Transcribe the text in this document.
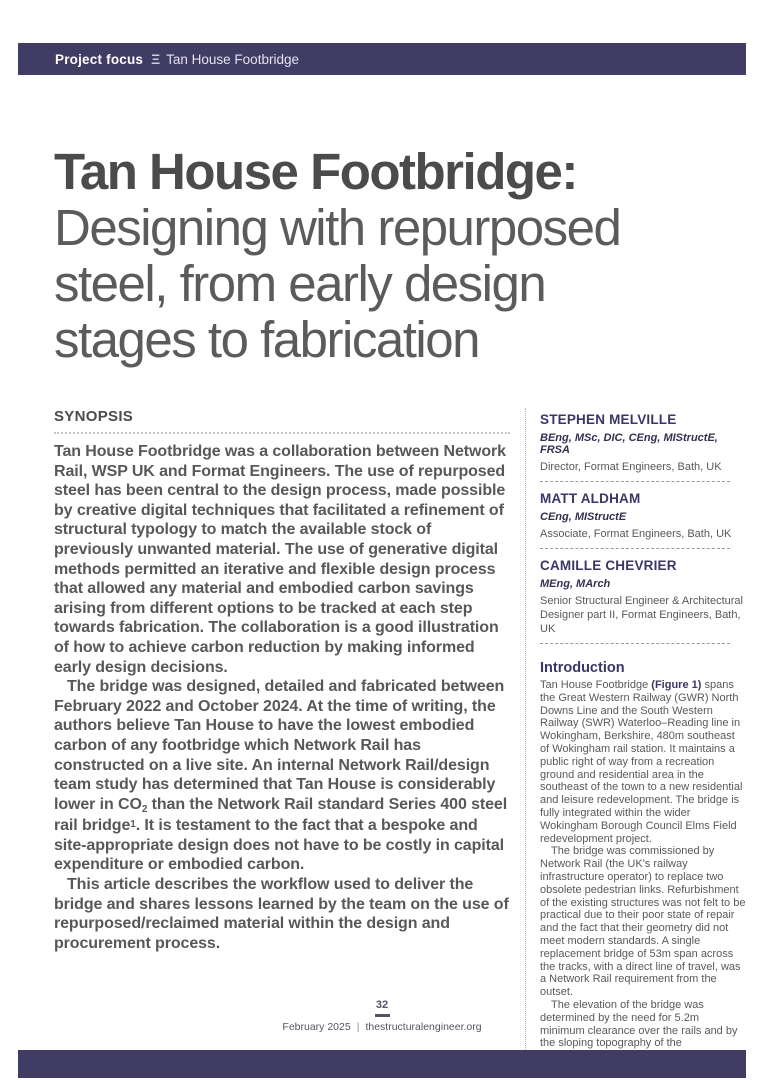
Project focus Ξ Tan House Footbridge
Tan House Footbridge:
Designing with repurposed
steel, from early design
stages to fabrication
SYNOPSIS

Tan House Footbridge was a collaboration between Network Rail, WSP UK and Format Engineers. The use of repurposed steel has been central to the design process, made possible by creative digital techniques that facilitated a refinement of structural typology to match the available stock of previously unwanted material. The use of generative digital methods permitted an iterative and flexible design process that allowed any material and embodied carbon savings arising from different options to be tracked at each step towards fabrication. The collaboration is a good illustration of how to achieve carbon reduction by making informed early design decisions.

The bridge was designed, detailed and fabricated between February 2022 and October 2024. At the time of writing, the authors believe Tan House to have the lowest embodied carbon of any footbridge which Network Rail has constructed on a live site. An internal Network Rail/design team study has determined that Tan House is considerably lower in $CO_2$ than the Network Rail standard Series 400 steel rail bridge$^1$. It is testament to the fact that a bespoke and site-appropriate design does not have to be costly in capital expenditure or embodied carbon.

This article describes the workflow used to deliver the bridge and shares lessons learned by the team on the use of repurposed/reclaimed material within the design and procurement process.

STEPHEN MELVILLE
BEng, MSc, DIC, CEng, MIStructE, FRSA
Director, Format Engineers, Bath, UK
MATT ALDHAM
CEng, MIStructE
Associate, Format Engineers, Bath, UK
CAMILLE CHEVRIER
MEng, MArch
Senior Structural Engineer & Architectural Designer part II, Format Engineers, Bath, UK
Introduction

Tan House Footbridge (Figure 1) spans the Great Western Railway (GWR) North Downs Line and the South Western Railway (SWR) Waterloo–Reading line in Wokingham, Berkshire, 480m southeast of Wokingham rail station. It maintains a public right of way from a recreation ground and residential area in the southeast of the town to a new residential and leisure redevelopment. The bridge is fully integrated within the wider Wokingham Borough Council Elms Field redevelopment project.

The bridge was commissioned by Network Rail (the UK's railway infrastructure operator) to replace two obsolete pedestrian links. Refurbishment of the existing structures was not felt to be practical due to their poor state of repair and the fact that their geometry did not meet modern standards. A single replacement bridge of 53m span across the tracks, with a direct line of travel, was a Network Rail requirement from the outset.

The elevation of the bridge was determined by the need for 5.2m minimum clearance over the rails and by the sloping topography of the

32
February 2025 | thestructuralengineer.org
